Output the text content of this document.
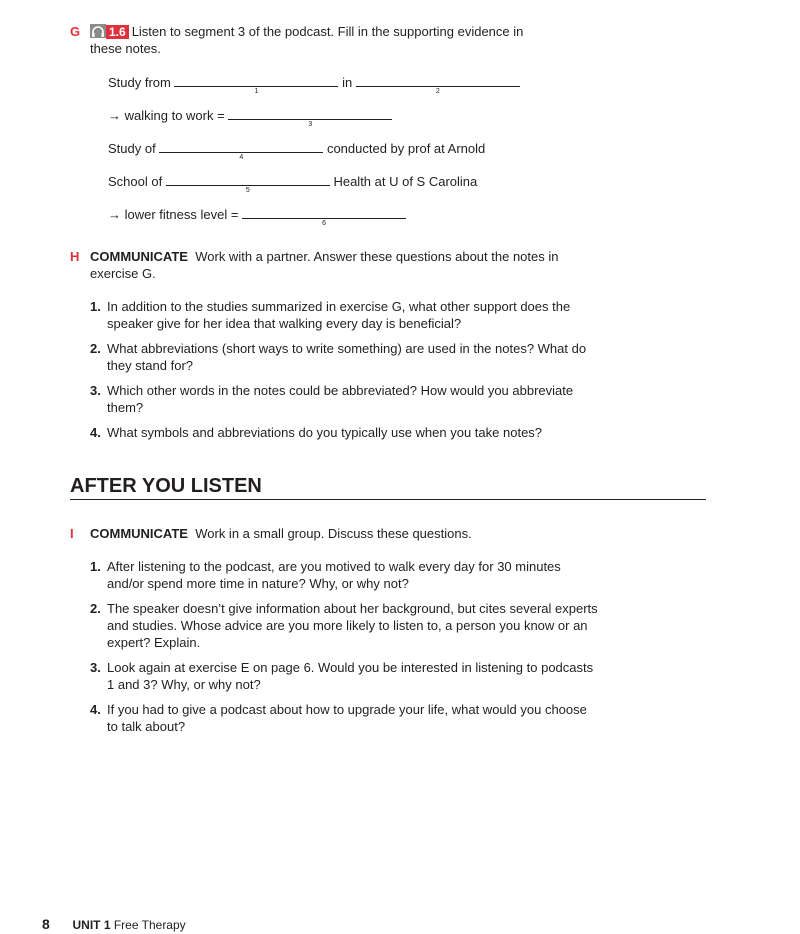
G	1.6 Listen to segment 3 of the podcast. Fill in the supporting evidence in
these notes.
Study from
1
in
2
→ walking to work =
3
Study of
4
conducted by prof at Arnold
School of
5
Health at U of S Carolina
→ lower fitness level =
6
H COMMUNICATE Work with a partner. Answer these questions about the notes in
exercise G.
1. In addition to the studies summarized in exercise G, what other support does the
speaker give for her idea that walking every day is beneficial?
2. What abbreviations (short ways to write something) are used in the notes? What do
they stand for?
3. Which other words in the notes could be abbreviated? How would you abbreviate
them?
4. What symbols and abbreviations do you typically use when you take notes?
AFTER YOU LISTEN
I COMMUNICATE Work in a small group. Discuss these questions.
1. After listening to the podcast, are you motived to walk every day for 30 minutes
and/or spend more time in nature? Why, or why not?
2. The speaker doesn’t give information about her background, but cites several experts
and studies. Whose advice are you more likely to listen to, a person you know or an
expert? Explain.
3. Look again at exercise E on page 6. Would you be interested in listening to podcasts
1 and 3? Why, or why not?
4. If you had to give a podcast about how to upgrade your life, what would you choose
to talk about?
8 UNIT 1 Free Therapy
